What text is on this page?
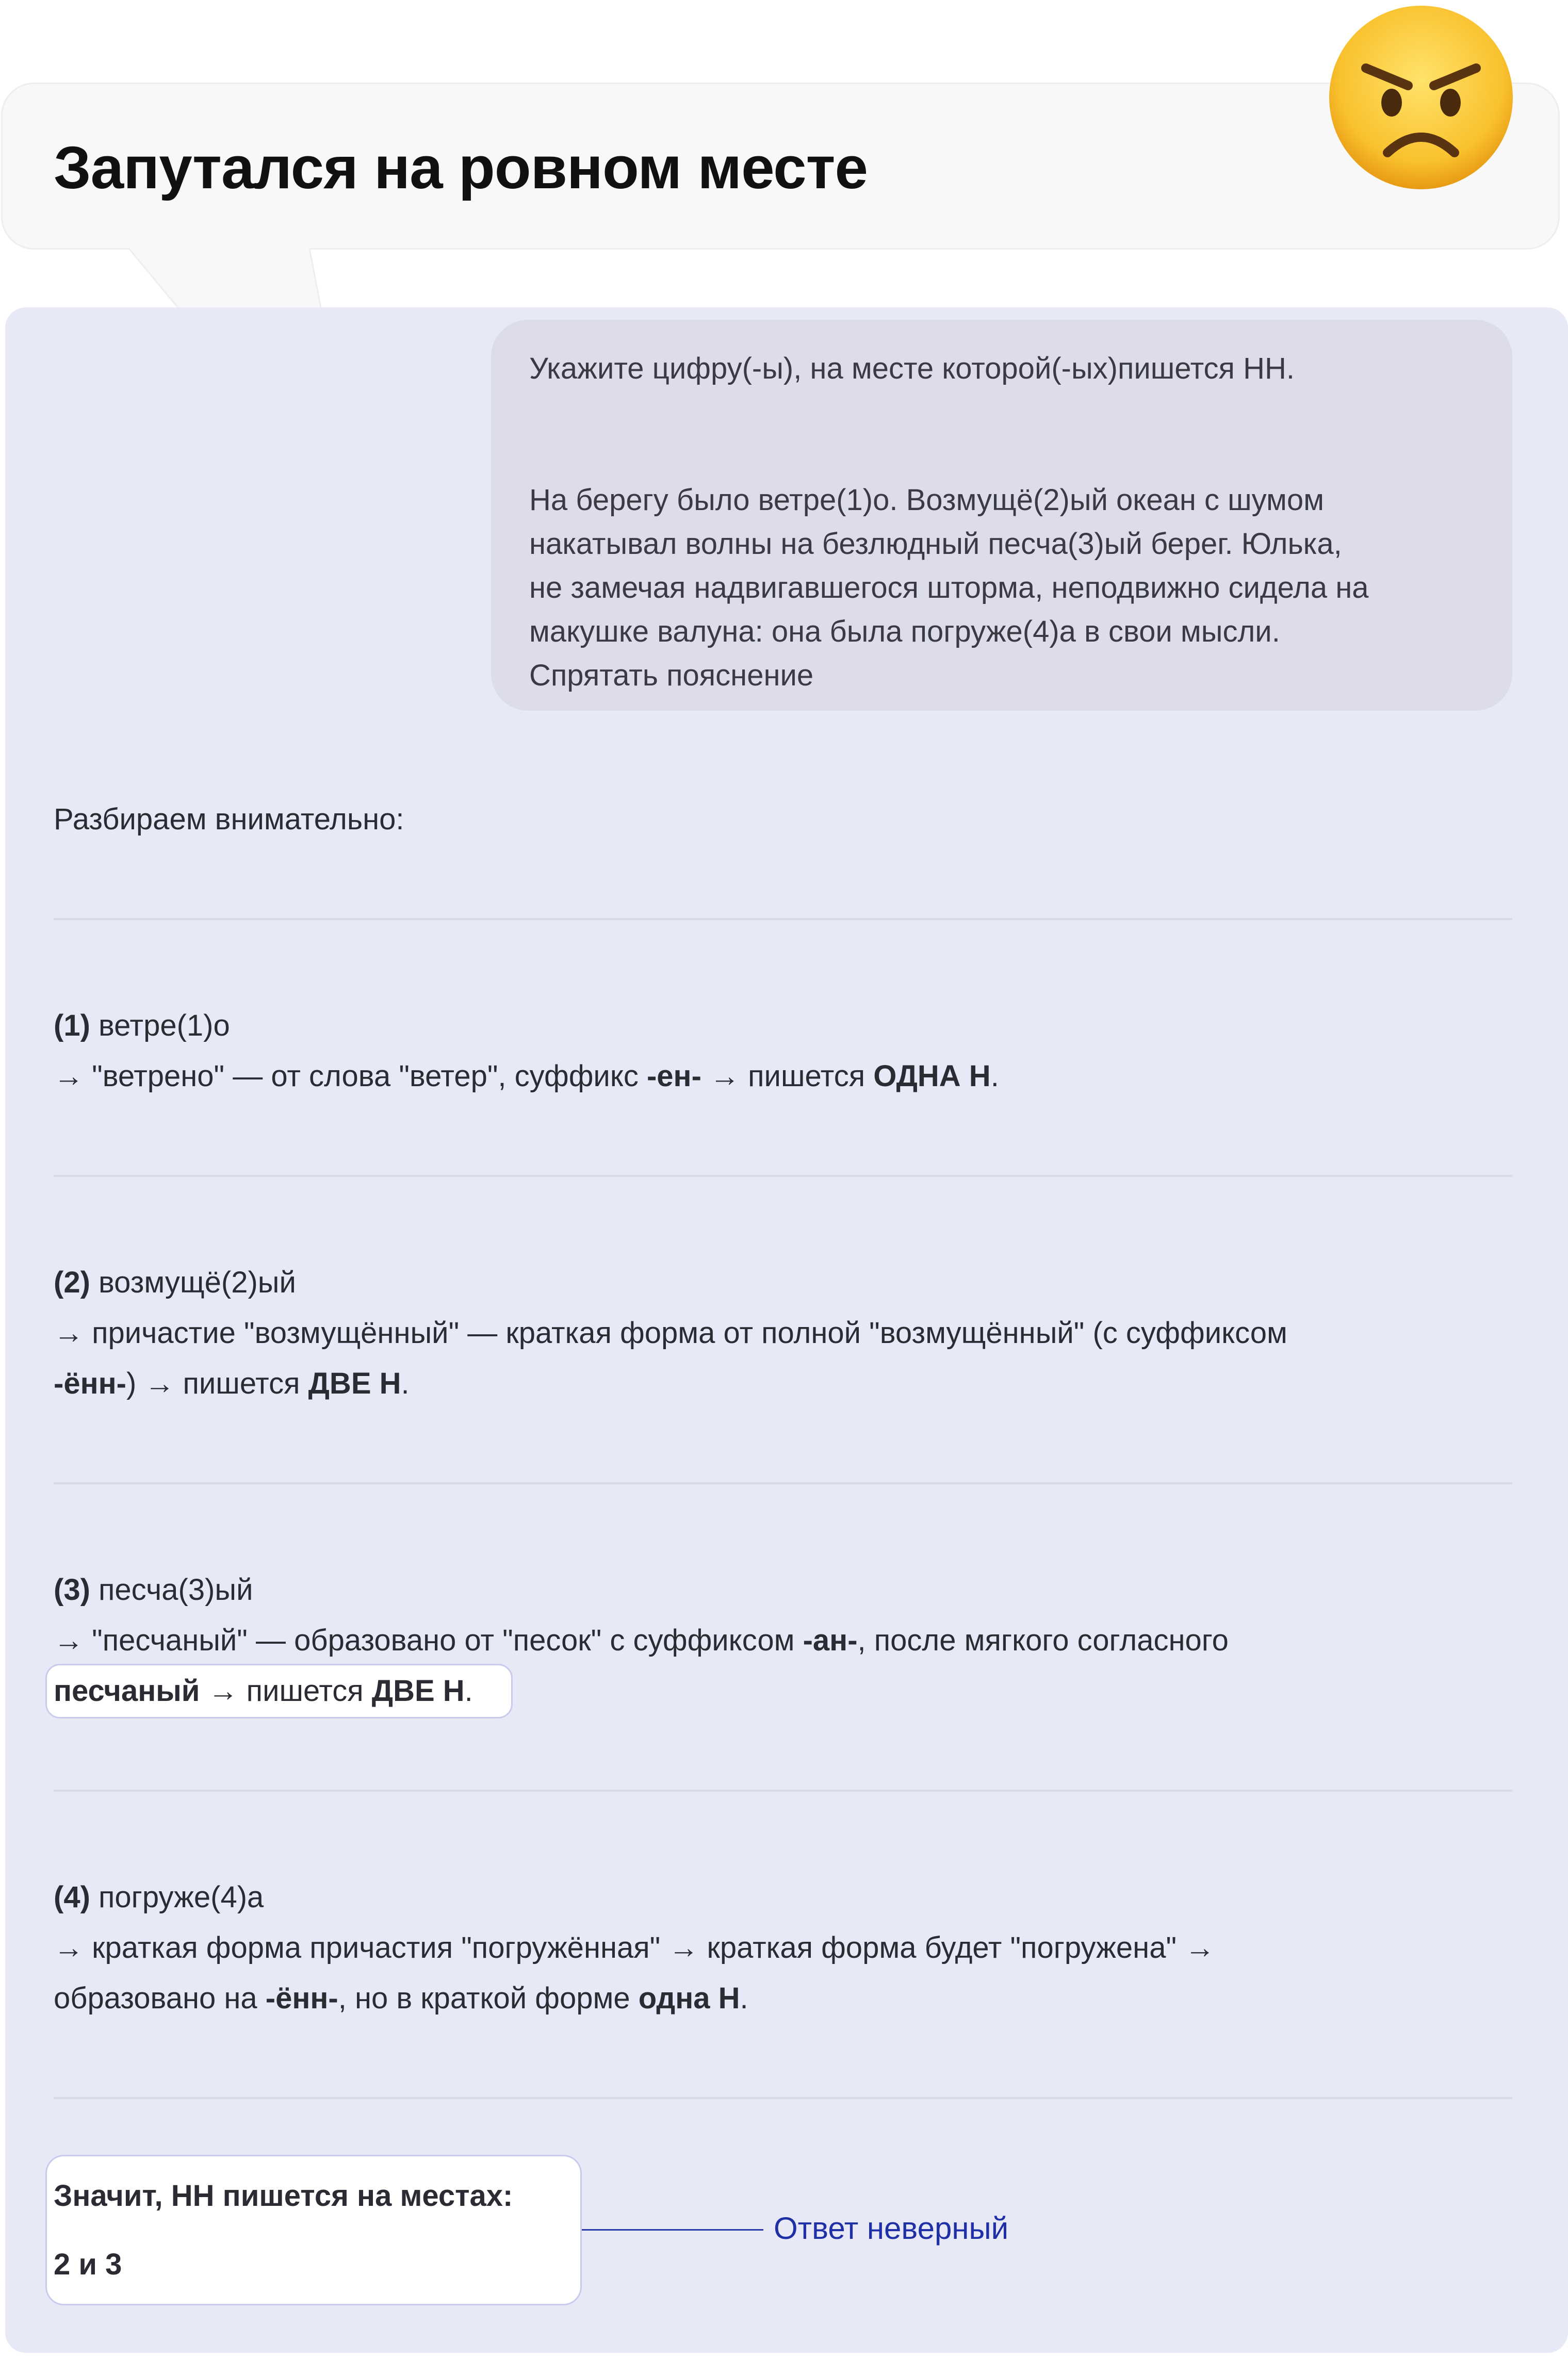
Запутался на ровном месте

Укажите цифру(-ы), на месте которой(-ых)пишется НН.

На берегу было ветре(1)о. Возмущё(2)ый океан с шумом

накатывал волны на безлюдный песча(3)ый берег. Юлька,

не замечая надвигавшегося шторма, неподвижно сидела на

макушке валуна: она была погруже(4)а в свои мысли.

Спрятать пояснение

Разбираем внимательно:
(1) ветре(1)о
→ "ветрено" — от слова "ветер", суффикс -ен- → пишется ОДНА Н.
(2) возмущё(2)ый
→ причастие "возмущённый" — краткая форма от полной "возмущённый" (с суффиксом
-ённ-) → пишется ДВЕ Н.
(3) песча(3)ый
→ "песчаный" — образовано от "песок" с суффиксом -ан-, после мягкого согласного
песчаный → пишется ДВЕ Н.
(4) погруже(4)а
→ краткая форма причастия "погружённая" → краткая форма будет "погружена" →
образовано на -ённ-, но в краткой форме одна Н.
Значит, НН пишется на местах:
2 и 3
Ответ неверный
